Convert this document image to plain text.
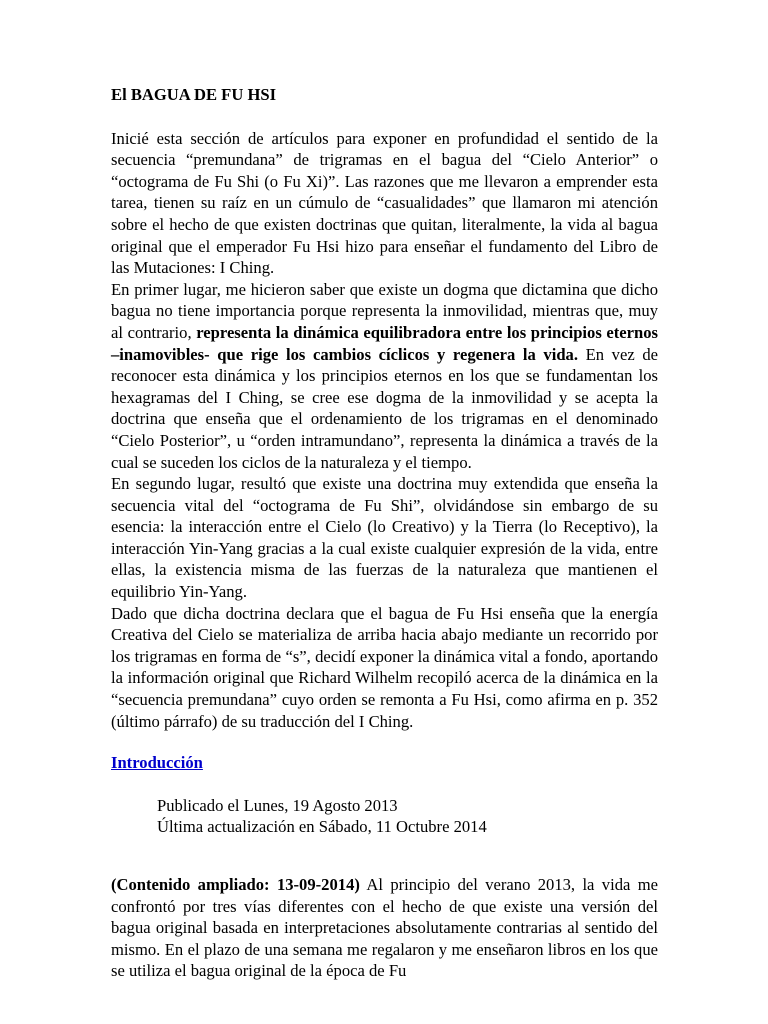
El BAGUA DE FU HSI

Inicié esta sección de artículos para exponer en profundidad el sentido de la secuencia “premundana” de trigramas en el bagua del “Cielo Anterior” o “octograma de Fu Shi (o Fu Xi)”. Las razones que me llevaron a emprender esta tarea, tienen su raíz en un cúmulo de “casualidades” que llamaron mi atención sobre el hecho de que existen doctrinas que quitan, literalmente, la vida al bagua original que el emperador Fu Hsi hizo para enseñar el fundamento del Libro de las Mutaciones: I Ching.

En primer lugar, me hicieron saber que existe un dogma que dictamina que dicho bagua no tiene importancia porque representa la inmovilidad, mientras que, muy al contrario, representa la dinámica equilibradora entre los principios eternos –inamovibles- que rige los cambios cíclicos y regenera la vida. En vez de reconocer esta dinámica y los principios eternos en los que se fundamentan los hexagramas del I Ching, se cree ese dogma de la inmovilidad y se acepta la doctrina que enseña que el ordenamiento de los trigramas en el denominado “Cielo Posterior”, u “orden intramundano”, representa la dinámica a través de la cual se suceden los ciclos de la naturaleza y el tiempo.

En segundo lugar, resultó que existe una doctrina muy extendida que enseña la secuencia vital del “octograma de Fu Shi”, olvidándose sin embargo de su esencia: la interacción entre el Cielo (lo Creativo) y la Tierra (lo Receptivo), la interacción Yin-Yang gracias a la cual existe cualquier expresión de la vida, entre ellas, la existencia misma de las fuerzas de la naturaleza que mantienen el equilibrio Yin-Yang.

Dado que dicha doctrina declara que el bagua de Fu Hsi enseña que la energía Creativa del Cielo se materializa de arriba hacia abajo mediante un recorrido por los trigramas en forma de “s”, decidí exponer la dinámica vital a fondo, aportando la información original que Richard Wilhelm recopiló acerca de la dinámica en la “secuencia premundana” cuyo orden se remonta a Fu Hsi, como afirma en p. 352 (último párrafo) de su traducción del I Ching.

Introducción
Publicado el Lunes, 19 Agosto 2013
Última actualización en Sábado, 11 Octubre 2014

(Contenido ampliado: 13-09-2014) Al principio del verano 2013, la vida me confrontó por tres vías diferentes con el hecho de que existe una versión del bagua original basada en interpretaciones absolutamente contrarias al sentido del mismo. En el plazo de una semana me regalaron y me enseñaron libros en los que se utiliza el bagua original de la época de Fu
